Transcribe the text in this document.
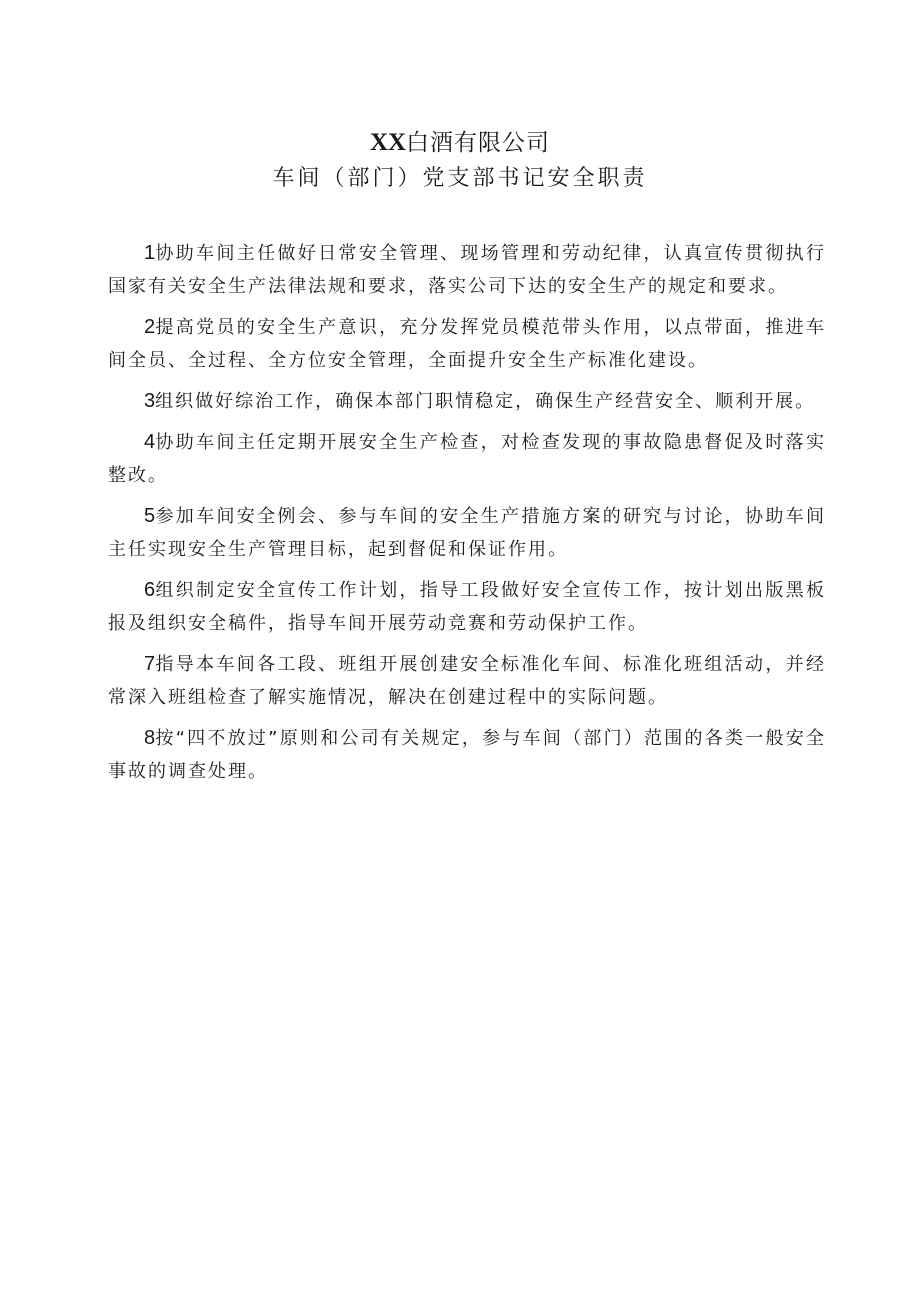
XX白酒有限公司
车间（部门）党支部书记安全职责

1协助车间主任做好日常安全管理、现场管理和劳动纪律，认真宣传贯彻执行国家有关安全生产法律法规和要求，落实公司下达的安全生产的规定和要求。

2提高党员的安全生产意识，充分发挥党员模范带头作用，以点带面，推进车间全员、全过程、全方位安全管理，全面提升安全生产标准化建设。

3组织做好综治工作，确保本部门职情稳定，确保生产经营安全、顺利开展。

4协助车间主任定期开展安全生产检查，对检查发现的事故隐患督促及时落实整改。

5参加车间安全例会、参与车间的安全生产措施方案的研究与讨论，协助车间主任实现安全生产管理目标，起到督促和保证作用。

6组织制定安全宣传工作计划，指导工段做好安全宣传工作，按计划出版黑板报及组织安全稿件，指导车间开展劳动竞赛和劳动保护工作。

7指导本车间各工段、班组开展创建安全标准化车间、标准化班组活动，并经常深入班组检查了解实施情况，解决在创建过程中的实际问题。

8按“四不放过”原则和公司有关规定，参与车间（部门）范围的各类一般安全事故的调查处理。
